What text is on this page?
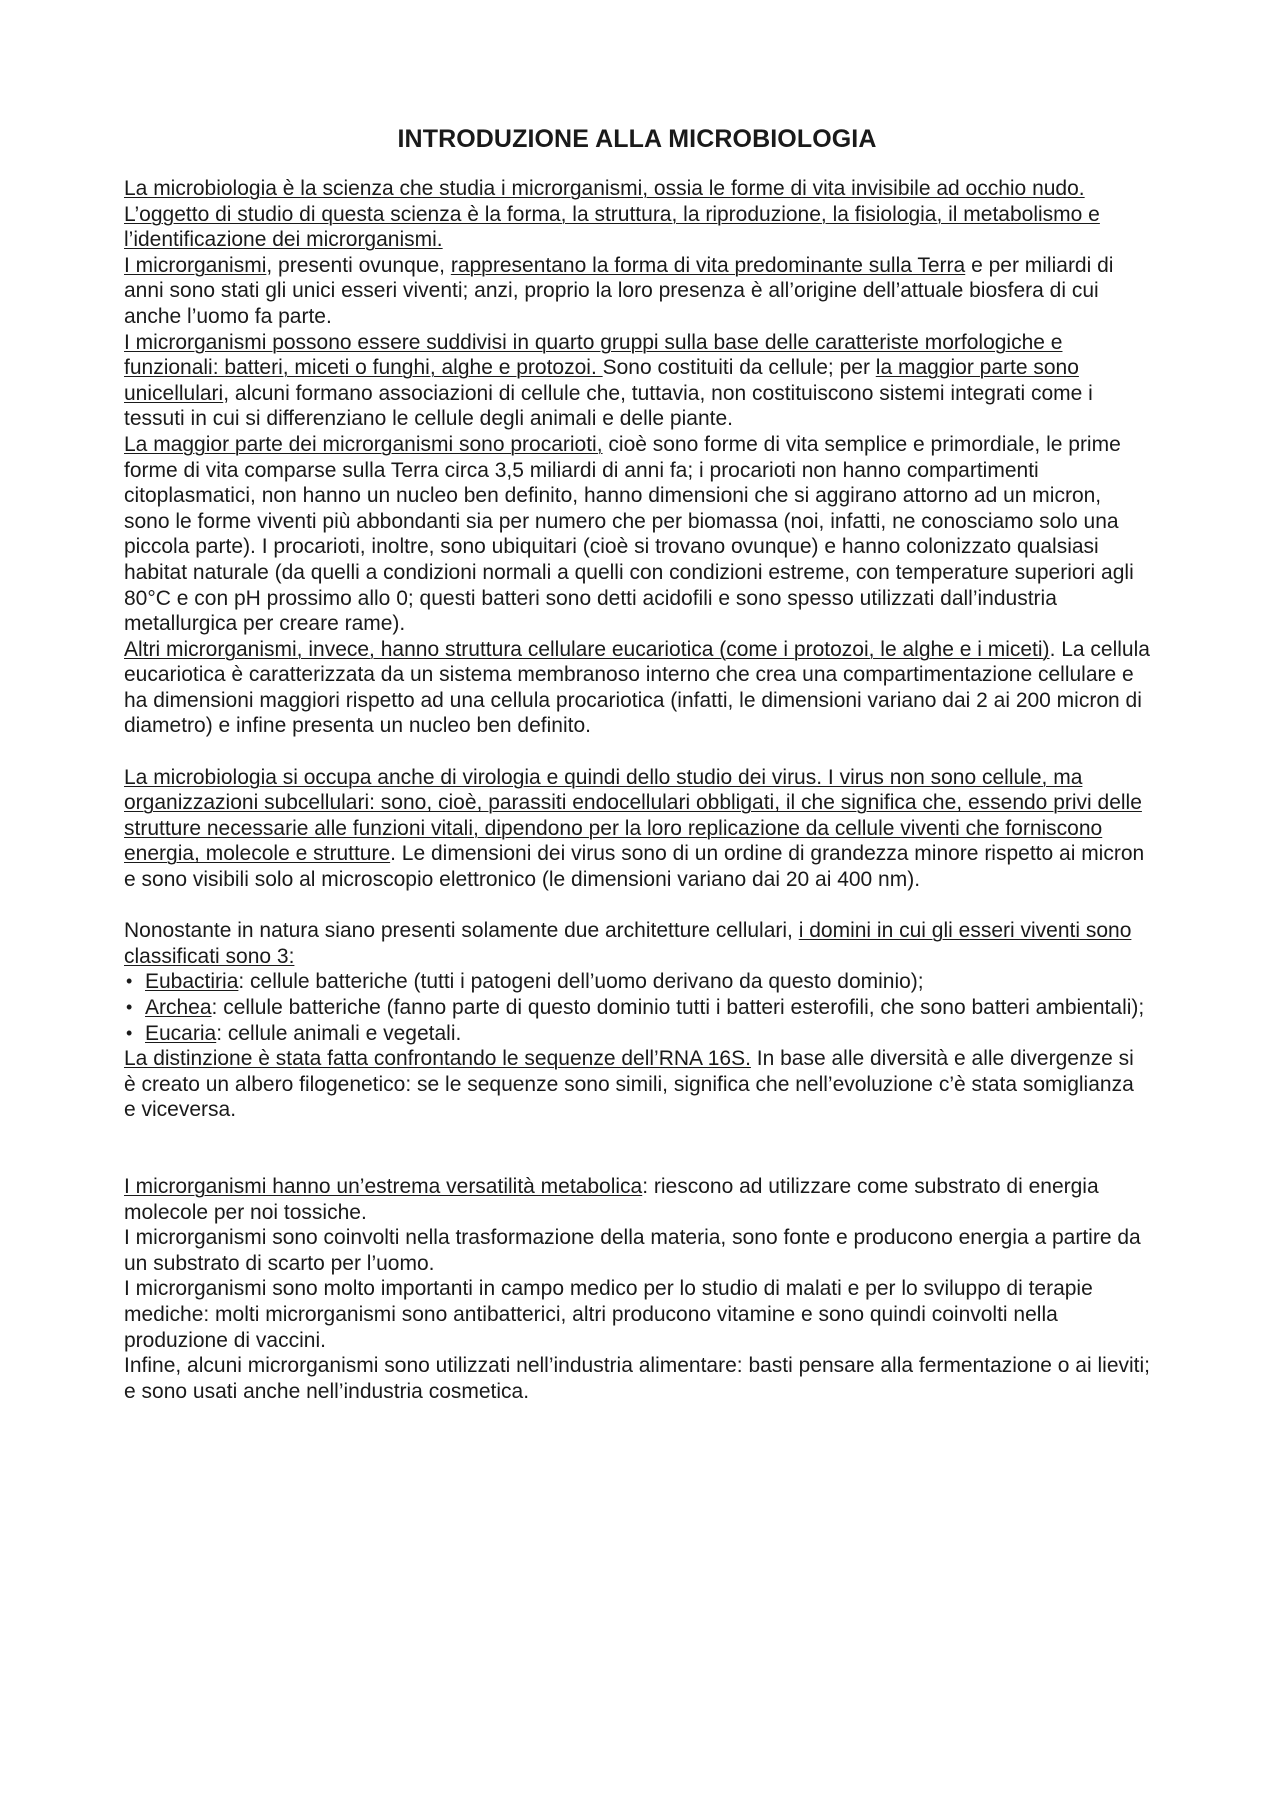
INTRODUZIONE ALLA MICROBIOLOGIA

La microbiologia è la scienza che studia i microrganismi, ossia le forme di vita invisibile ad occhio nudo. L’oggetto di studio di questa scienza è la forma, la struttura, la riproduzione, la fisiologia, il metabolismo e l’identificazione dei microrganismi.

I microrganismi, presenti ovunque, rappresentano la forma di vita predominante sulla Terra e per miliardi di anni sono stati gli unici esseri viventi; anzi, proprio la loro presenza è all’origine dell’attuale biosfera di cui anche l’uomo fa parte.

I microrganismi possono essere suddivisi in quarto gruppi sulla base delle caratteriste morfologiche e funzionali: batteri, miceti o funghi, alghe e protozoi. Sono costituiti da cellule; per la maggior parte sono unicellulari, alcuni formano associazioni di cellule che, tuttavia, non costituiscono sistemi integrati come i tessuti in cui si differenziano le cellule degli animali e delle piante.

La maggior parte dei microrganismi sono procarioti, cioè sono forme di vita semplice e primordiale, le prime forme di vita comparse sulla Terra circa 3,5 miliardi di anni fa; i procarioti non hanno compartimenti citoplasmatici, non hanno un nucleo ben definito, hanno dimensioni che si aggirano attorno ad un micron, sono le forme viventi più abbondanti sia per numero che per biomassa (noi, infatti, ne conosciamo solo una piccola parte). I procarioti, inoltre, sono ubiquitari (cioè si trovano ovunque) e hanno colonizzato qualsiasi habitat naturale (da quelli a condizioni normali a quelli con condizioni estreme, con temperature superiori agli 80°C e con pH prossimo allo 0; questi batteri sono detti acidofili e sono spesso utilizzati dall’industria metallurgica per creare rame).

Altri microrganismi, invece, hanno struttura cellulare eucariotica (come i protozoi, le alghe e i miceti). La cellula eucariotica è caratterizzata da un sistema membranoso interno che crea una compartimentazione cellulare e ha dimensioni maggiori rispetto ad una cellula procariotica (infatti, le dimensioni variano dai 2 ai 200 micron di diametro) e infine presenta un nucleo ben definito.

La microbiologia si occupa anche di virologia e quindi dello studio dei virus. I virus non sono cellule, ma organizzazioni subcellulari: sono, cioè, parassiti endocellulari obbligati, il che significa che, essendo privi delle strutture necessarie alle funzioni vitali, dipendono per la loro replicazione da cellule viventi che forniscono energia, molecole e strutture. Le dimensioni dei virus sono di un ordine di grandezza minore rispetto ai micron e sono visibili solo al microscopio elettronico (le dimensioni variano dai 20 ai 400 nm).

Nonostante in natura siano presenti solamente due architetture cellulari, i domini in cui gli esseri viventi sono classificati sono 3:

• Eubactiria: cellule batteriche (tutti i patogeni dell’uomo derivano da questo dominio);
• Archea: cellule batteriche (fanno parte di questo dominio tutti i batteri esterofili, che sono batteri ambientali);
• Eucaria: cellule animali e vegetali.

La distinzione è stata fatta confrontando le sequenze dell’RNA 16S. In base alle diversità e alle divergenze si è creato un albero filogenetico: se le sequenze sono simili, significa che nell’evoluzione c’è stata somiglianza e viceversa.

I microrganismi hanno un’estrema versatilità metabolica: riescono ad utilizzare come substrato di energia molecole per noi tossiche.

I microrganismi sono coinvolti nella trasformazione della materia, sono fonte e producono energia a partire da un substrato di scarto per l’uomo.

I microrganismi sono molto importanti in campo medico per lo studio di malati e per lo sviluppo di terapie mediche: molti microrganismi sono antibatterici, altri producono vitamine e sono quindi coinvolti nella produzione di vaccini.

Infine, alcuni microrganismi sono utilizzati nell’industria alimentare: basti pensare alla fermentazione o ai lieviti; e sono usati anche nell’industria cosmetica.
